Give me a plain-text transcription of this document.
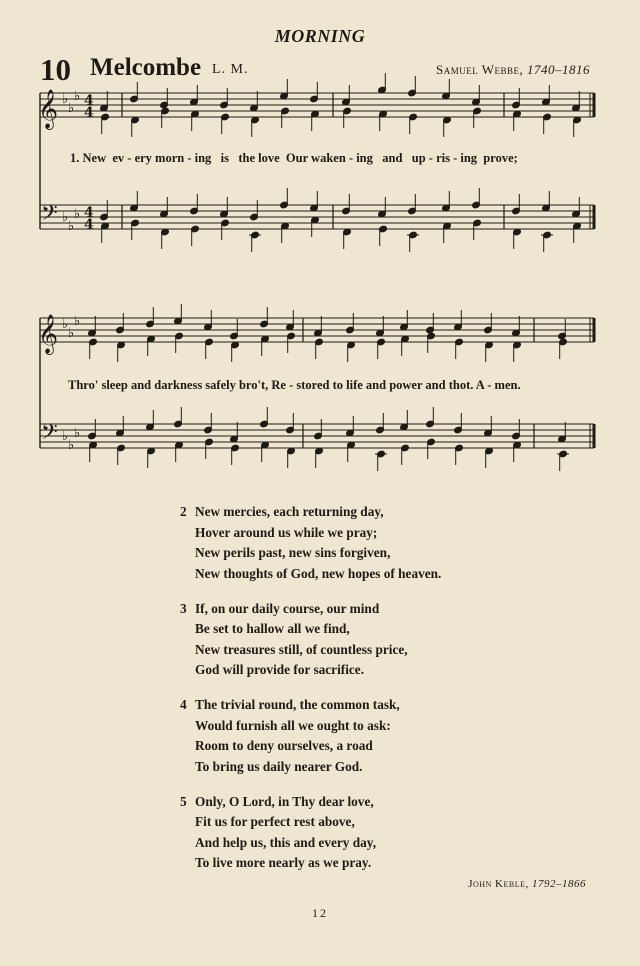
MORNING
10 Melcombe L. M.	Samuel Webbe, 1740–1816
𝄞
𝄢
♭
♭
♭
♭
♭
♭
4
4
4
4
𝄞
𝄢
♭
♭
♭
♭
♭
♭
1. New  ev - ery morn - ing   is   the love  Our waken - ing   and   up - ris - ing  prove;
Thro' sleep and darkness safely bro't, Re - stored to life and power and thot. A - men.
2 New mercies, each returning day,
Hover around us while we pray;
New perils past, new sins forgiven,
New thoughts of God, new hopes of heaven.
3 If, on our daily course, our mind
Be set to hallow all we find,
New treasures still, of countless price,
God will provide for sacrifice.
4 The trivial round, the common task,
Would furnish all we ought to ask:
Room to deny ourselves, a road
To bring us daily nearer God.
5 Only, O Lord, in Thy dear love,
Fit us for perfect rest above,
And help us, this and every day,
To live more nearly as we pray.
John Keble, 1792–1866
12
